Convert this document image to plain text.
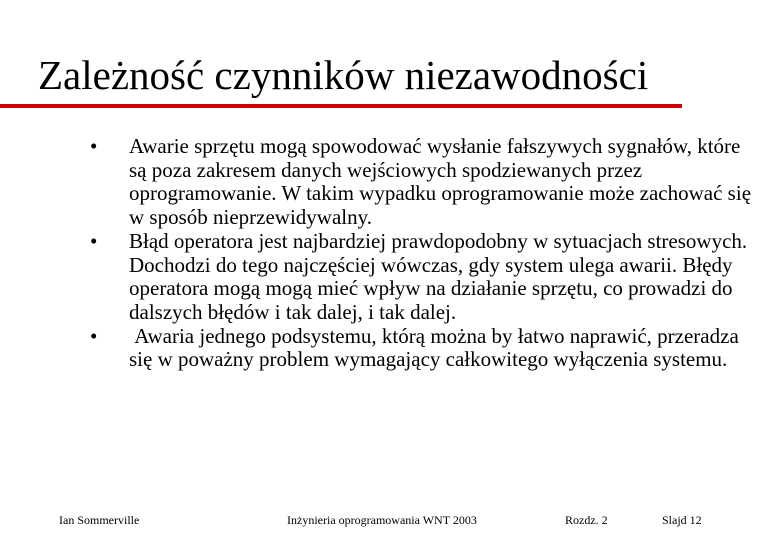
Zależność czynników niezawodności
•	Awarie sprzętu mogą spowodować wysłanie fałszywych sygnałów, które są poza zakresem danych wejściowych spodziewanych przez oprogramowanie. W takim wypadku oprogramowanie może zachować się w sposób nieprzewidywalny.
•	Błąd operatora jest najbardziej prawdopodobny w sytuacjach stresowych. Dochodzi do tego najczęściej wówczas, gdy system ulega awarii. Błędy operatora mogą mogą mieć wpływ na działanie sprzętu, co prowadzi do dalszych błędów i tak dalej, i tak dalej.
•	Awaria jednego podsystemu, którą można by łatwo naprawić, przeradza się w poważny problem wymagający całkowitego wyłączenia systemu.
Ian Sommerville	Inżynieria oprogramowania WNT 2003	Rozdz. 2	Slajd 12
